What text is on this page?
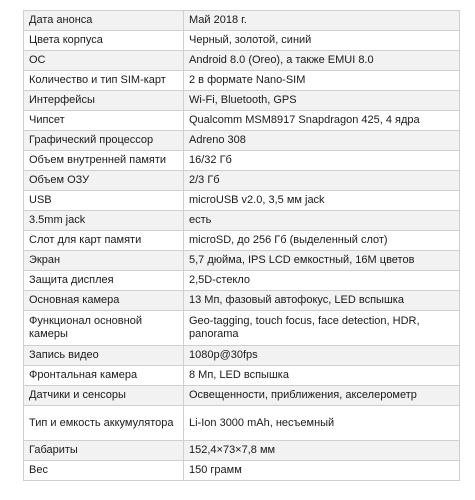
Дата анонса	Май 2018 г.
Цвета корпуса	Черный, золотой, синий
ОС	Android 8.0 (Oreo), а также EMUI 8.0
Количество и тип SIM-карт	2 в формате Nano-SIM
Интерфейсы	Wi-Fi, Bluetooth, GPS
Чипсет	Qualcomm MSM8917 Snapdragon 425, 4 ядра
Графический процессор	Adreno 308
Объем внутренней памяти	16/32 Гб
Объем ОЗУ	2/3 Гб
USB	microUSB v2.0, 3,5 мм jack
3.5mm jack	есть
Слот для карт памяти	microSD, до 256 Гб (выделенный слот)
Экран	5,7 дюйма, IPS LCD емкостный, 16M цветов
Защита дисплея	2,5D-стекло
Основная камера	13 Мп, фазовый автофокус, LED вспышка
Функционал основной камеры	Geo-tagging, touch focus, face detection, HDR, panorama
Запись видео	1080p@30fps
Фронтальная камера	8 Мп, LED вспышка
Датчики и сенсоры	Освещенности, приближения, акселерометр
Тип и емкость аккумулятора	Li-Ion 3000 mAh, несъемный
Габариты	152,4×73×7,8 мм
Вес	150 грамм
